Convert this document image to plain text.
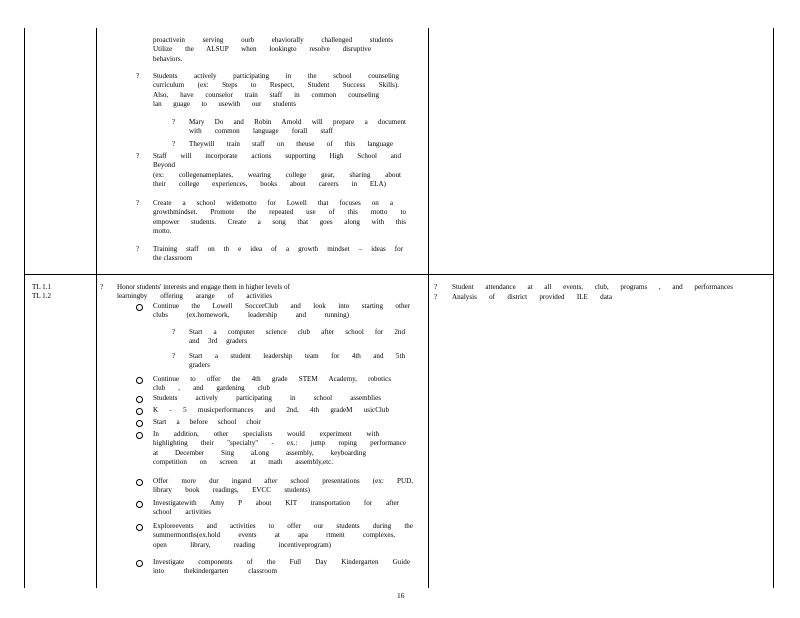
proactivein serving ourb ehaviorally challenged students
Utilize the ALSUP when lookingto resolve disruptive
behaviors.
? Students actively participating in the school counseling
curriculum (ex: Steps to Respect, Student Success Skills).
Also, have counselor train staff in common counseling
lan guage to usewith our students
? Mary Do and Robin Arnold will prepare a document
with common language forall staff
? Theywill train staff on theuse of this language
? Staff will incorporate actions supporting High School and
Beyond
(ex: collegenameplates, wearing college gear, sharing about
their college experiences, books about careers in ELA)
? Create a school widemotto for Lowell that focuses on a
growthmindset. Promote the repeated use of this motto to
empower students. Create a song that goes along with this
motto.
? Training staff on th e idea of a growth mindset – ideas for
the classroom
TL 1.1
TL 1.2
? Honor students' interests and engage them in higher levels of
learningby offering arange of activities
Continue the Lowell SoccerClub and look into starting other
clubs (ex.homework, leadership and running)
? Start a computer science club after school for 2nd
and 3rd graders
? Start a student leadership team for 4th and 5th
graders
Continue to offer the 4th grade STEM Academy, robotics
club , and gardening club
Students actively participating in school assemblies
K - 5 musicperformances and 2nd, 4th gradeM usicClub
Start a before school choir
In addition, other specialists would experiment with
highlighting their "specialty" - ex.: jump roping performance
at December Sing aLong assembly, keyboarding
competition on screen at math assembly,etc.
Offer more dur ingand after school presentations (ex: PUD,
library book readings, EVCC students)
Investigatewith Amy P about KIT transportation for after
school activities
Exploreevents and activities to offer our students during the
summermonths(ex.hold events at apa rtment complexes,
open library, reading incentiveprogram)
Investigate components of the Full Day Kindergarten Guide
into thekindergarten classroom
? Student attendance at all events, club, programs , and performances
? Analysis of district provided ILE data
16
